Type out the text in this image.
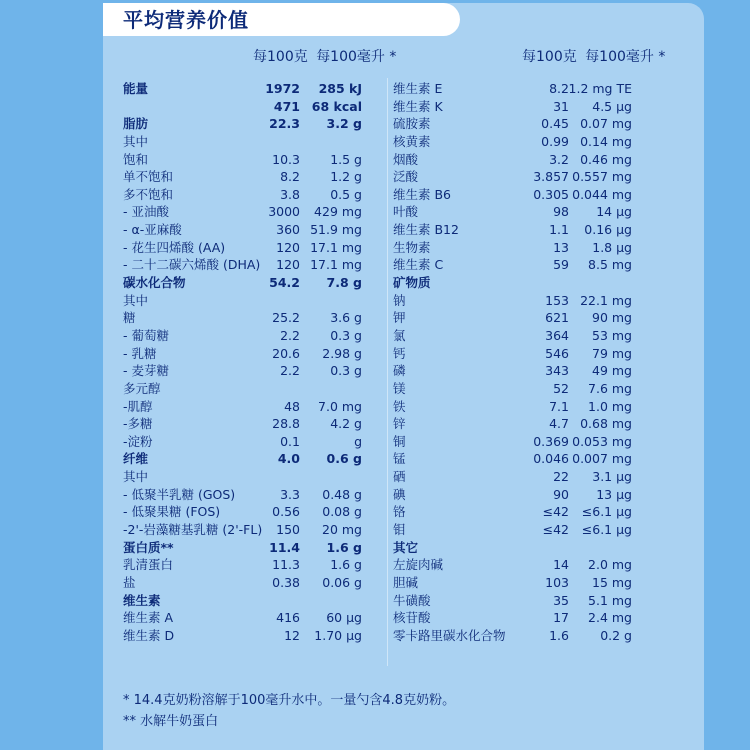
平均营养价值
每100克 每100毫升 *	每100克 每100毫升 *
能量	1972 285 kJ
471 68 kcal
脂肪	22.3 3.2 g
其中
饱和	10.3 1.5 g
单不饱和	8.2 1.2 g
多不饱和	3.8 0.5 g
- 亚油酸	3000 429 mg
- α-亚麻酸	360 51.9 mg
- 花生四烯酸 (AA)	120 17.1 mg
- 二十二碳六烯酸 (DHA) 120 17.1 mg
碳水化合物	54.2 7.8 g
其中
糖	25.2 3.6 g
- 葡萄糖	2.2 0.3 g
- 乳糖	20.6 2.98 g
- 麦芽糖	2.2 0.3 g
多元醇
-肌醇	48 7.0 mg
-多糖	28.8 4.2 g
-淀粉	0.1	g
纤维	4.0 0.6 g
其中
- 低聚半乳糖 (GOS)	3.3 0.48 g
- 低聚果糖 (FOS)	0.56 0.08 g
-2'-岩藻糖基乳糖 (2'-FL) 150 20 mg
蛋白质**	11.4 1.6 g
乳清蛋白	11.3 1.6 g
盐	0.38 0.06 g
维生素
维生素 A	416 60 μg
维生素 D	12 1.70 μg
维生素 E	8.2 1.2 mg TE
维生素 K	31 4.5 μg
硫胺素	0.45 0.07 mg
核黄素	0.99 0.14 mg
烟酸	3.2 0.46 mg
泛酸	3.857 0.557 mg
维生素 B6	0.305 0.044 mg
叶酸	98 14 μg
维生素 B12	1.1 0.16 μg
生物素	13 1.8 μg
维生素 C	59 8.5 mg
矿物质
钠	153 22.1 mg
钾	621 90 mg
氯	364 53 mg
钙	546 79 mg
磷	343 49 mg
镁	52 7.6 mg
铁	7.1 1.0 mg
锌	4.7 0.68 mg
铜	0.369 0.053 mg
锰	0.046 0.007 mg
硒	22 3.1 μg
碘	90 13 μg
铬	≤42 ≤6.1 μg
钼	≤42 ≤6.1 μg
其它
左旋肉碱	14 2.0 mg
胆碱	103 15 mg
牛磺酸	35 5.1 mg
核苷酸	17 2.4 mg
零卡路里碳水化合物	1.6 0.2 g
* 14.4克奶粉溶解于100毫升水中。一量勺含4.8克奶粉。
** 水解牛奶蛋白
